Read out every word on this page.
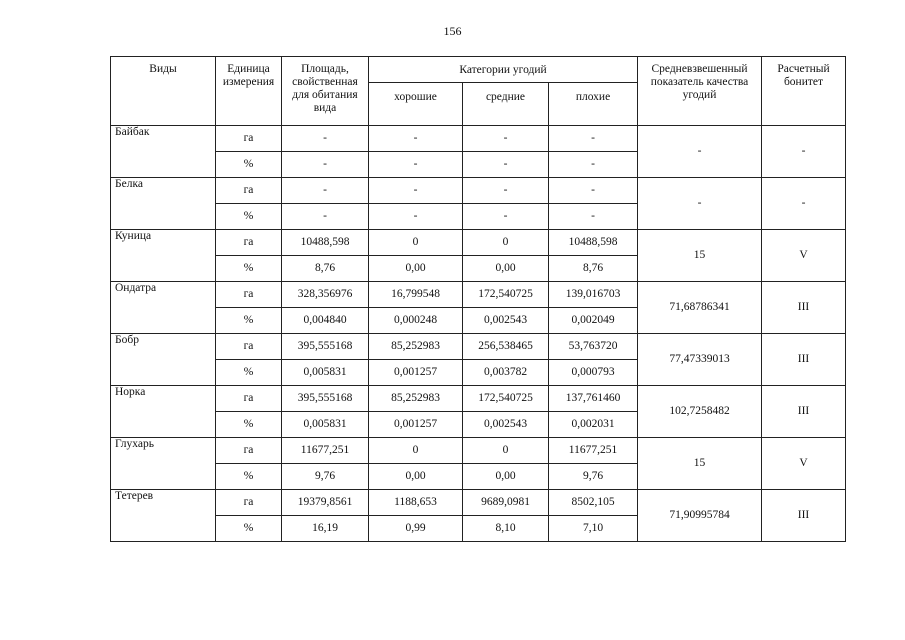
156
Виды	Единица измерения	Площадь, свойственная для обитания вида	Категории угодий			Средневзвешенный показатель качества угодий	Расчетный бонитет
			хорошие	средние	плохие		
Байбак	га	-	-	-	-	-	-
	%	-	-	-	-		
Белка	га	-	-	-	-	-	-
	%	-	-	-	-		
Куница	га	10488,598	0	0	10488,598	15	V
	%	8,76	0,00	0,00	8,76		
Ондатра	га	328,356976	16,799548	172,540725	139,016703	71,68786341	III
	%	0,004840	0,000248	0,002543	0,002049		
Бобр	га	395,555168	85,252983	256,538465	53,763720	77,47339013	III
	%	0,005831	0,001257	0,003782	0,000793		
Норка	га	395,555168	85,252983	172,540725	137,761460	102,7258482	III
	%	0,005831	0,001257	0,002543	0,002031		
Глухарь	га	11677,251	0	0	11677,251	15	V
	%	9,76	0,00	0,00	9,76		
Тетерев	га	19379,8561	1188,653	9689,0981	8502,105	71,90995784	III
	%	16,19	0,99	8,10	7,10		
